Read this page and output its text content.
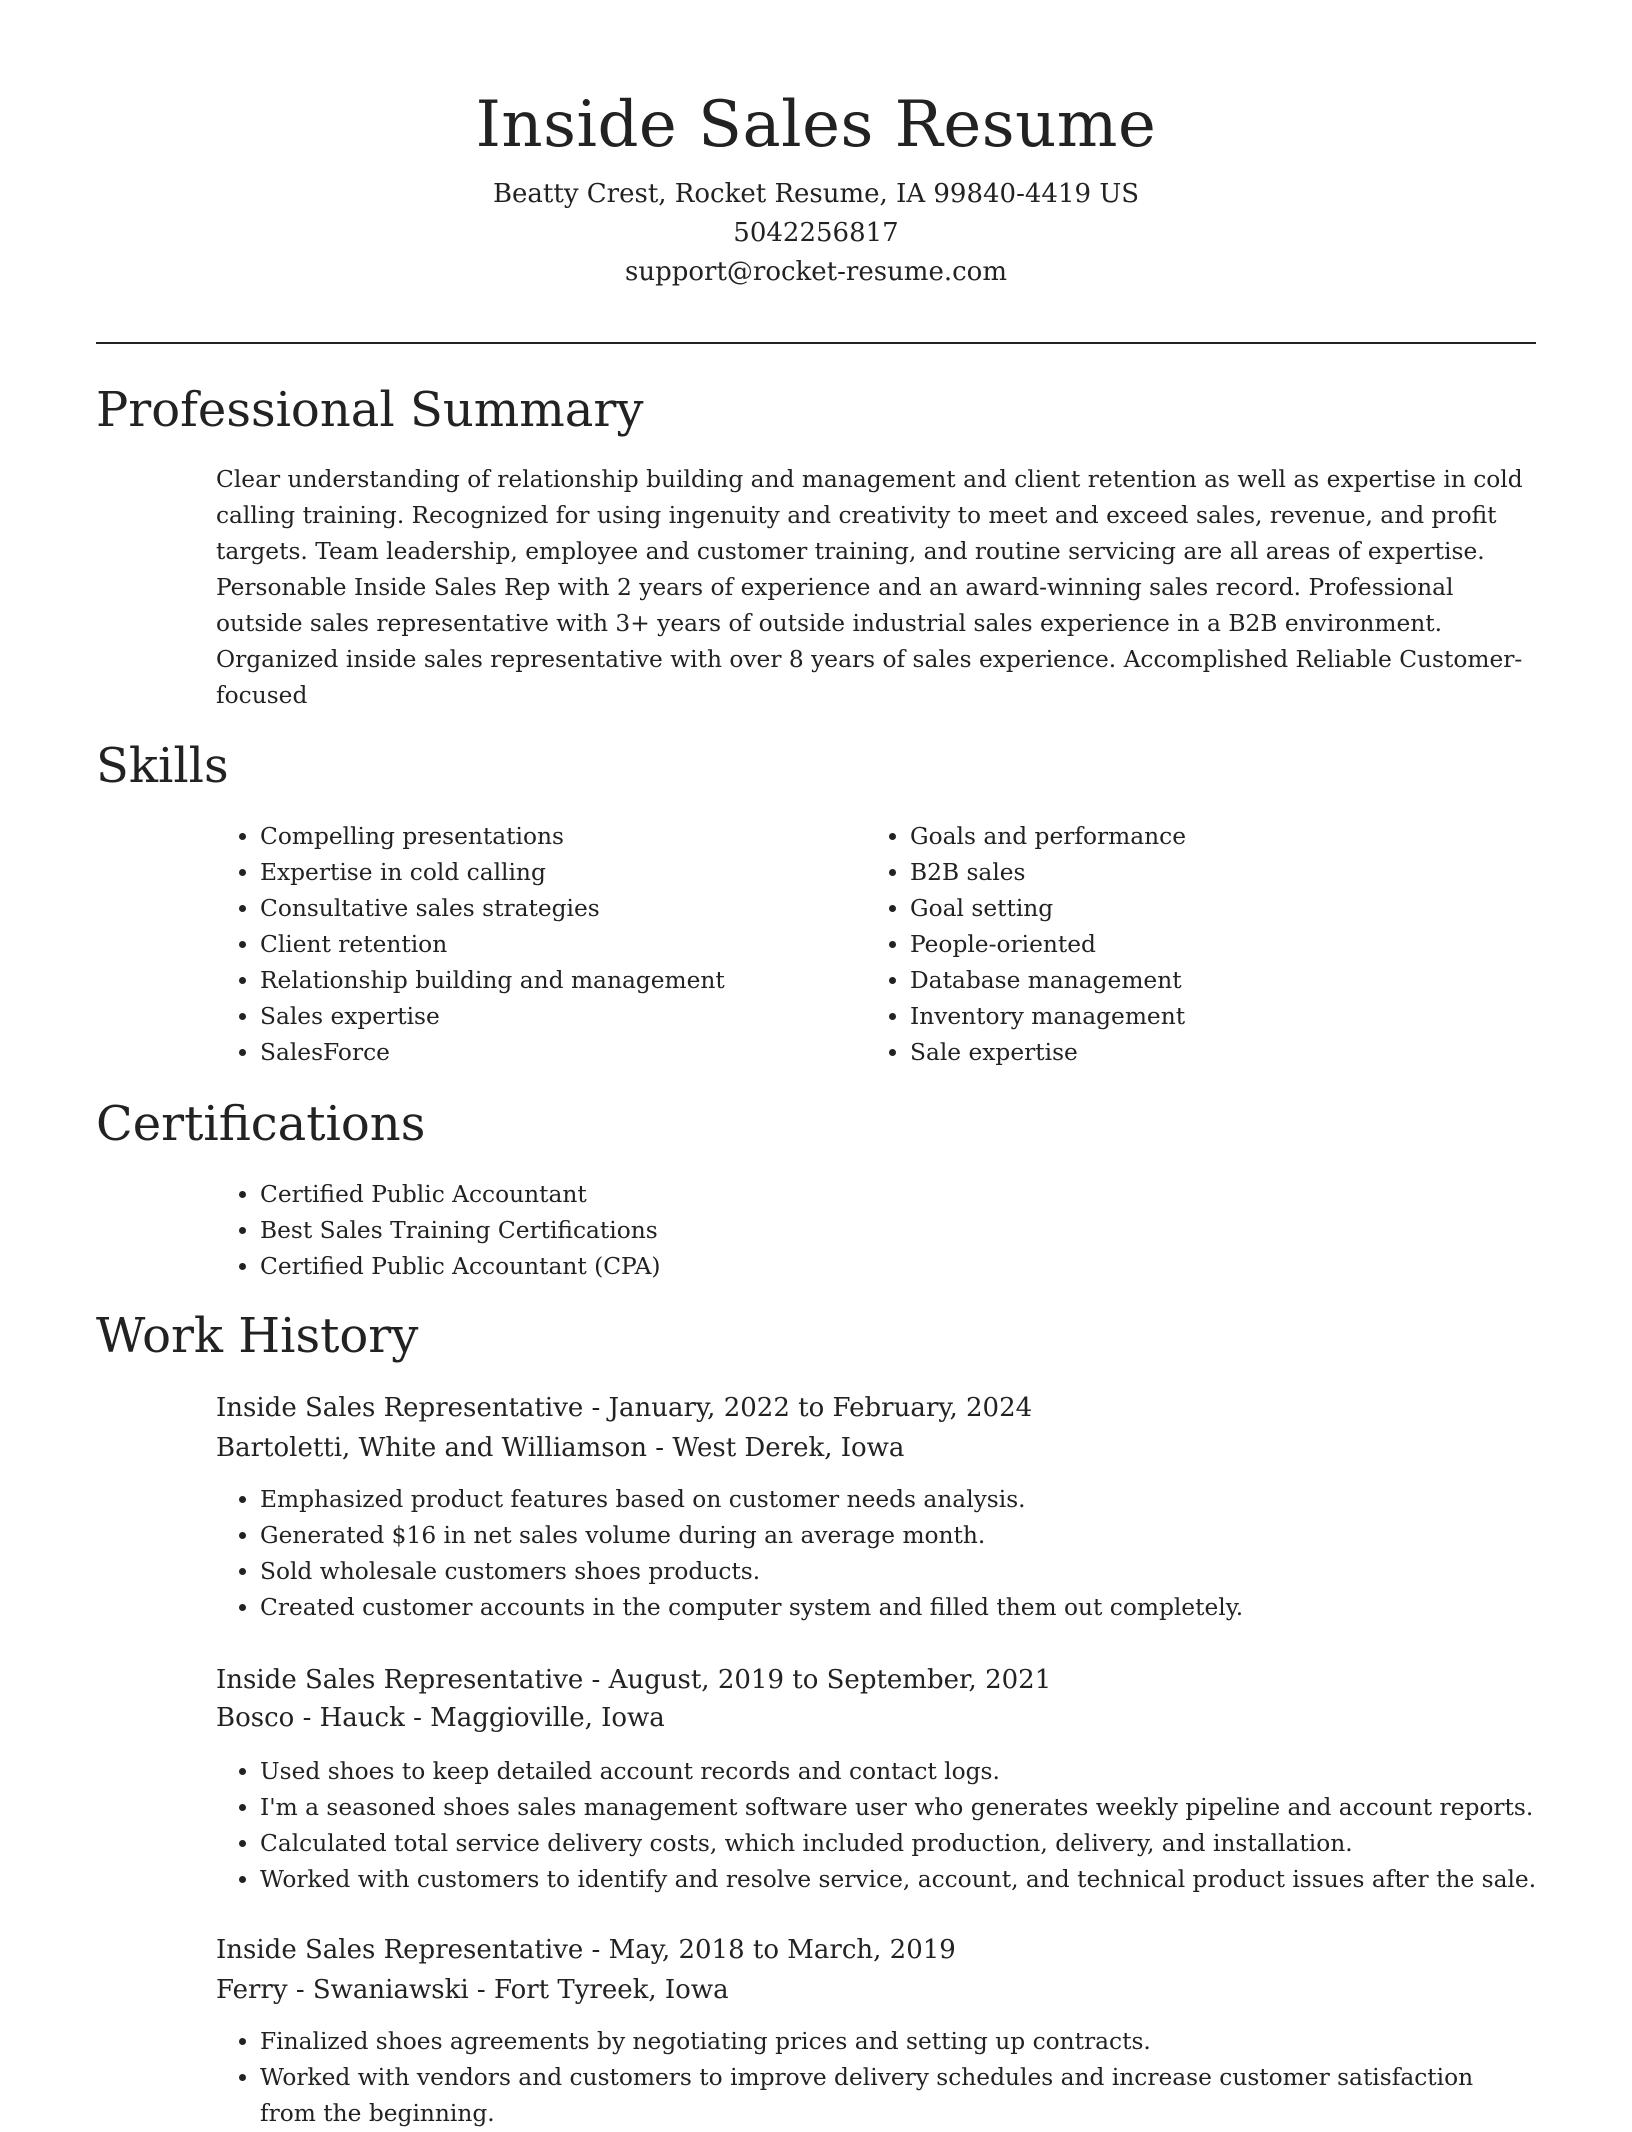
Inside Sales Resume

Beatty Crest, Rocket Resume, IA 99840-4419 US

5042256817

support@rocket-resume.com

Professional Summary

Clear understanding of relationship building and management and client retention as well as expertise in cold calling training. Recognized for using ingenuity and creativity to meet and exceed sales, revenue, and profit targets. Team leadership, employee and customer training, and routine servicing are all areas of expertise. Personable Inside Sales Rep with 2 years of experience and an award-winning sales record. Professional outside sales representative with 3+ years of outside industrial sales experience in a B2B environment. Organized inside sales representative with over 8 years of sales experience. Accomplished Reliable Customer-focused

Skills
• Compelling presentations
• Expertise in cold calling
• Consultative sales strategies
• Client retention
• Relationship building and management
• Sales expertise
• SalesForce
• Goals and performance
• B2B sales
• Goal setting
• People-oriented
• Database management
• Inventory management
• Sale expertise
Certifications
• Certified Public Accountant
• Best Sales Training Certifications
• Certified Public Accountant (CPA)
Work History

Inside Sales Representative - January, 2022 to February, 2024

Bartoletti, White and Williamson - West Derek, Iowa

• Emphasized product features based on customer needs analysis.
• Generated $16 in net sales volume during an average month.
• Sold wholesale customers shoes products.
• Created customer accounts in the computer system and filled them out completely.

Inside Sales Representative - August, 2019 to September, 2021

Bosco - Hauck - Maggioville, Iowa

• Used shoes to keep detailed account records and contact logs.
• I'm a seasoned shoes sales management software user who generates weekly pipeline and account reports.
• Calculated total service delivery costs, which included production, delivery, and installation.
• Worked with customers to identify and resolve service, account, and technical product issues after the sale.

Inside Sales Representative - May, 2018 to March, 2019

Ferry - Swaniawski - Fort Tyreek, Iowa

• Finalized shoes agreements by negotiating prices and setting up contracts.
• Worked with vendors and customers to improve delivery schedules and increase customer satisfaction from the beginning.
